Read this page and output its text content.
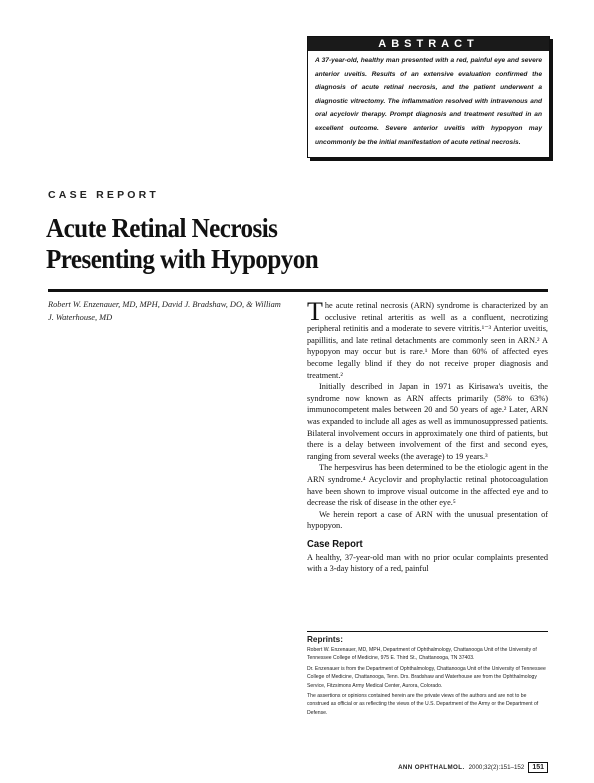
ABSTRACT
A 37-year-old, healthy man presented with a red, painful eye and severe anterior uveitis. Results of an extensive evaluation confirmed the diagnosis of acute retinal necrosis, and the patient underwent a diagnostic vitrectomy. The inflammation resolved with intravenous and oral acyclovir therapy. Prompt diagnosis and treatment resulted in an excellent outcome. Severe anterior uveitis with hypopyon may uncommonly be the initial manifestation of acute retinal necrosis.
CASE REPORT
Acute Retinal Necrosis
Presenting with Hypopyon
Robert W. Enzenauer, MD, MPH, David J. Bradshaw, DO, & William J. Waterhouse, MD	The acute retinal necrosis (ARN) syndrome is characterized by an occlusive retinal arteritis as well as a confluent, necrotizing peripheral retinitis and a moderate to severe vitritis.¹⁻³ Anterior uveitis, papillitis, and late retinal detachments are commonly seen in ARN.² A hypopyon may occur but is rare.¹ More than 60% of affected eyes become legally blind if they do not receive proper diagnosis and treatment.²

Initially described in Japan in 1971 as Kirisawa's uveitis, the syndrome now known as ARN affects primarily (58% to 63%) immunocompetent males between 20 and 50 years of age.² Later, ARN was expanded to include all ages as well as immunosuppressed patients. Bilateral involvement occurs in approximately one third of patients, but there is a delay between involvement of the first and second eyes, ranging from several weeks (the average) to 19 years.³

The herpesvirus has been determined to be the etiologic agent in the ARN syndrome.⁴ Acyclovir and prophylactic retinal photocoagulation have been shown to improve visual outcome in the affected eye and to decrease the risk of disease in the other eye.⁵

We herein report a case of ARN with the unusual presentation of hypopyon.

Case Report

A healthy, 37-year-old man with no prior ocular complaints presented with a 3-day history of a red, painful

Reprints:

Robert W. Enzenauer, MD, MPH, Department of Ophthalmology, Chattanooga Unit of the University of Tennessee College of Medicine, 975 E. Third St., Chattanooga, TN 37403.

Dr. Enzenauer is from the Department of Ophthalmology, Chattanooga Unit of the University of Tennessee College of Medicine, Chattanooga, Tenn. Drs. Bradshaw and Waterhouse are from the Ophthalmology Service, Fitzsimons Army Medical Center, Aurora, Colorado.

The assertions or opinions contained herein are the private views of the authors and are not to be construed as official or as reflecting the views of the U.S. Department of the Army or the Department of Defense.

ANN OPHTHALMOL. 2000;32(2):151–152	151
